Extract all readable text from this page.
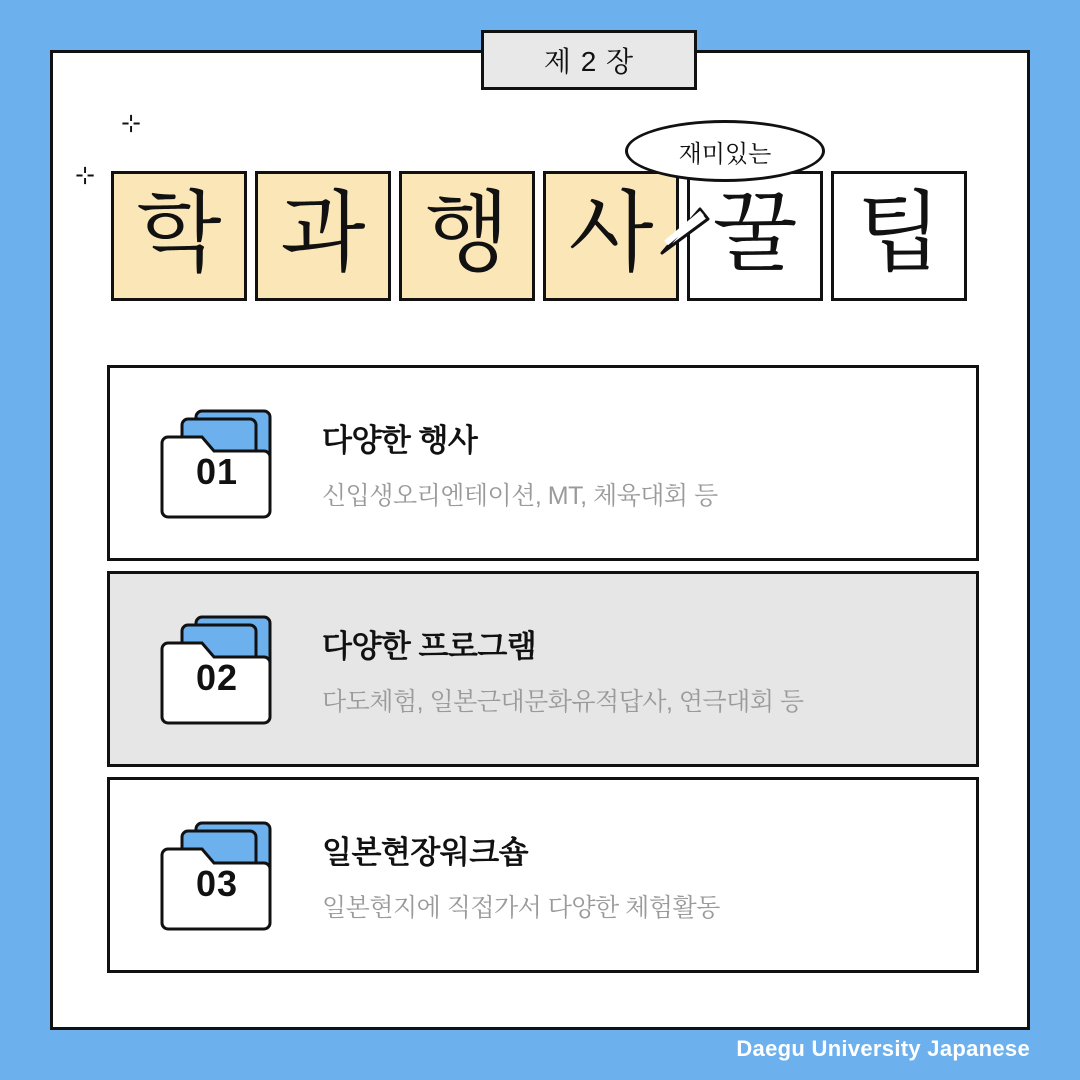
제 2 장
⊹
⊹
학 과 행 사 꿀 팁
재미있는
01
다양한 행사
신입생오리엔테이션, MT, 체육대회 등
02
다양한 프로그램
다도체험, 일본근대문화유적답사, 연극대회 등
03
일본현장워크숍
일본현지에 직접가서 다양한 체험활동
Daegu University Japanese
